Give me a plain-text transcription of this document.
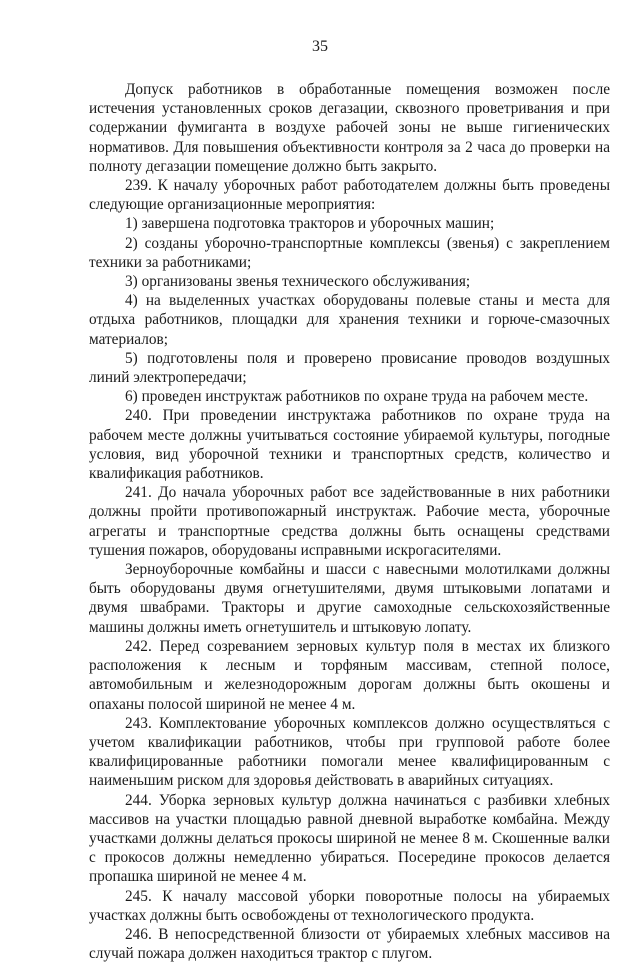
35

Допуск работников в обработанные помещения возможен после истечения установленных сроков дегазации, сквозного проветривания и при содержании фумиганта в воздухе рабочей зоны не выше гигиенических нормативов. Для повышения объективности контроля за 2 часа до проверки на полноту дегазации помещение должно быть закрыто.

239. К началу уборочных работ работодателем должны быть проведены следующие организационные мероприятия:

1) завершена подготовка тракторов и уборочных машин;

2) созданы уборочно-транспортные комплексы (звенья) с закреплением техники за работниками;

3) организованы звенья технического обслуживания;

4) на выделенных участках оборудованы полевые станы и места для отдыха работников, площадки для хранения техники и горюче-смазочных материалов;

5) подготовлены поля и проверено провисание проводов воздушных линий электропередачи;

6) проведен инструктаж работников по охране труда на рабочем месте.

240. При проведении инструктажа работников по охране труда на рабочем месте должны учитываться состояние убираемой культуры, погодные условия, вид уборочной техники и транспортных средств, количество и квалификация работников.

241. До начала уборочных работ все задействованные в них работники должны пройти противопожарный инструктаж. Рабочие места, уборочные агрегаты и транспортные средства должны быть оснащены средствами тушения пожаров, оборудованы исправными искрогасителями.

Зерноуборочные комбайны и шасси с навесными молотилками должны быть оборудованы двумя огнетушителями, двумя штыковыми лопатами и двумя швабрами. Тракторы и другие самоходные сельскохозяйственные машины должны иметь огнетушитель и штыковую лопату.

242. Перед созреванием зерновых культур поля в местах их близкого расположения к лесным и торфяным массивам, степной полосе, автомобильным и железнодорожным дорогам должны быть окошены и опаханы полосой шириной не менее 4 м.

243. Комплектование уборочных комплексов должно осуществляться с учетом квалификации работников, чтобы при групповой работе более квалифицированные работники помогали менее квалифицированным с наименьшим риском для здоровья действовать в аварийных ситуациях.

244. Уборка зерновых культур должна начинаться с разбивки хлебных массивов на участки площадью равной дневной выработке комбайна. Между участками должны делаться прокосы шириной не менее 8 м. Скошенные валки с прокосов должны немедленно убираться. Посередине прокосов делается пропашка шириной не менее 4 м.

245. К началу массовой уборки поворотные полосы на убираемых участках должны быть освобождены от технологического продукта.

246. В непосредственной близости от убираемых хлебных массивов на случай пожара должен находиться трактор с плугом.
